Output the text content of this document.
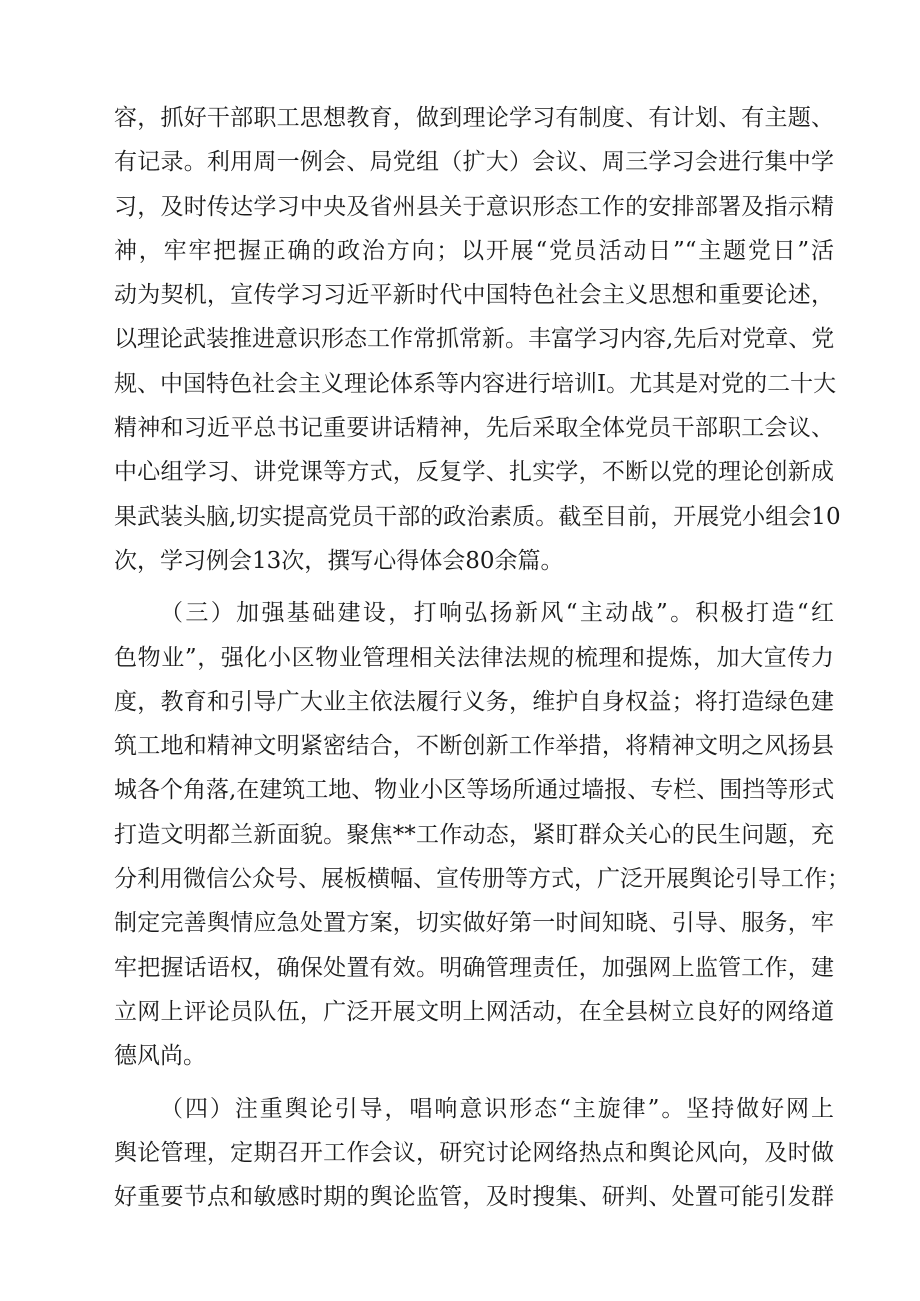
容，抓好干部职工思想教育，做到理论学习有制度、有计划、有主题、
有记录。利用周一例会、局党组（扩大）会议、周三学习会进行集中学
习，及时传达学习中央及省州县关于意识形态工作的安排部署及指示精
神，牢牢把握正确的政治方向；以开展“党员活动日”“主题党日”活
动为契机，宣传学习习近平新时代中国特色社会主义思想和重要论述，
以理论武装推进意识形态工作常抓常新。丰富学习内容,先后对党章、党
规、中国特色社会主义理论体系等内容进行培训I。尤其是对党的二十大
精神和习近平总书记重要讲话精神，先后采取全体党员干部职工会议、
中心组学习、讲党课等方式，反复学、扎实学，不断以党的理论创新成
果武装头脑,切实提高党员干部的政治素质。截至目前，开展党小组会10
次，学习例会13次，撰写心得体会80余篇。
（三）加强基础建设，打响弘扬新风“主动战”。积极打造“红
色物业”，强化小区物业管理相关法律法规的梳理和提炼，加大宣传力
度，教育和引导广大业主依法履行义务，维护自身权益；将打造绿色建
筑工地和精神文明紧密结合，不断创新工作举措，将精神文明之风扬县
城各个角落,在建筑工地、物业小区等场所通过墙报、专栏、围挡等形式
打造文明都兰新面貌。聚焦**工作动态，紧盯群众关心的民生问题，充
分利用微信公众号、展板横幅、宣传册等方式，广泛开展舆论引导工作；
制定完善舆情应急处置方案，切实做好第一时间知晓、引导、服务，牢
牢把握话语权，确保处置有效。明确管理责任，加强网上监管工作，建
立网上评论员队伍，广泛开展文明上网活动，在全县树立良好的网络道
德风尚。
（四）注重舆论引导，唱响意识形态“主旋律”。坚持做好网上
舆论管理，定期召开工作会议，研究讨论网络热点和舆论风向，及时做
好重要节点和敏感时期的舆论监管，及时搜集、研判、处置可能引发群
